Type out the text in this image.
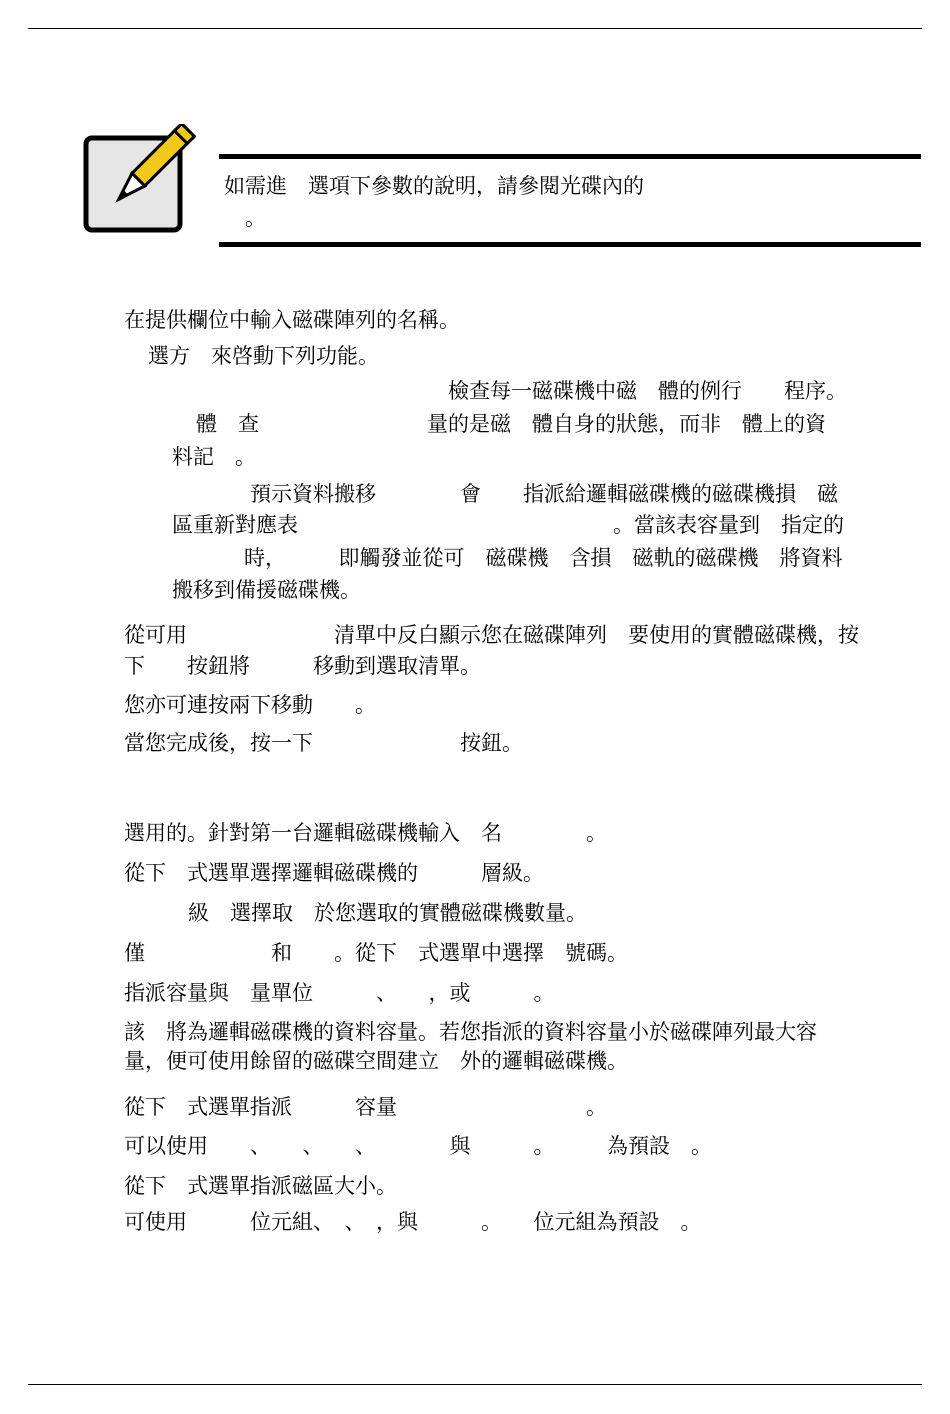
如需進　選項下參數的說明，請參閱光碟內的
　。
在提供欄位中輸入磁碟陣列的名稱。
選方　來啓動下列功能。
檢查每一磁碟機中磁　體的例行　　程序。
體　查　　　　　　　　量的是磁　體自身的狀態，而非　體上的資
料記　。
預示資料搬移　　　　會　　指派給邏輯磁碟機的磁碟機損　磁
區重新對應表　　　　　　　　　　　　　　　。當該表容量到　指定的
時，　　　即觸發並從可　磁碟機　含損　磁軌的磁碟機　將資料
搬移到備援磁碟機。
從可用　　　　　　　清單中反白顯示您在磁碟陣列　要使用的實體磁碟機，按
下　　按鈕將　　　移動到選取清單。
您亦可連按兩下移動　　。
當您完成後，按一下　　　　　　　按鈕。
選用的。針對第一台邏輯磁碟機輸入　名　　　　。
從下　式選單選擇邏輯磁碟機的　　　層級。
級　選擇取　於您選取的實體磁碟機數量。
僅　　　　　　和　　。從下　式選單中選擇　號碼。
指派容量與　量單位　　　、　　，或　　　。
該　將為邏輯磁碟機的資料容量。若您指派的資料容量小於磁碟陣列最大容
量，便可使用餘留的磁碟空間建立　外的邏輯磁碟機。
從下　式選單指派　　　容量　　　　　　　　　。
可以使用　　、　　、　　、　　　　與　　　。　　　為預設　。
從下　式選單指派磁區大小。
可使用　　　位元組、　、　，與　　　。　　位元組為預設　。
